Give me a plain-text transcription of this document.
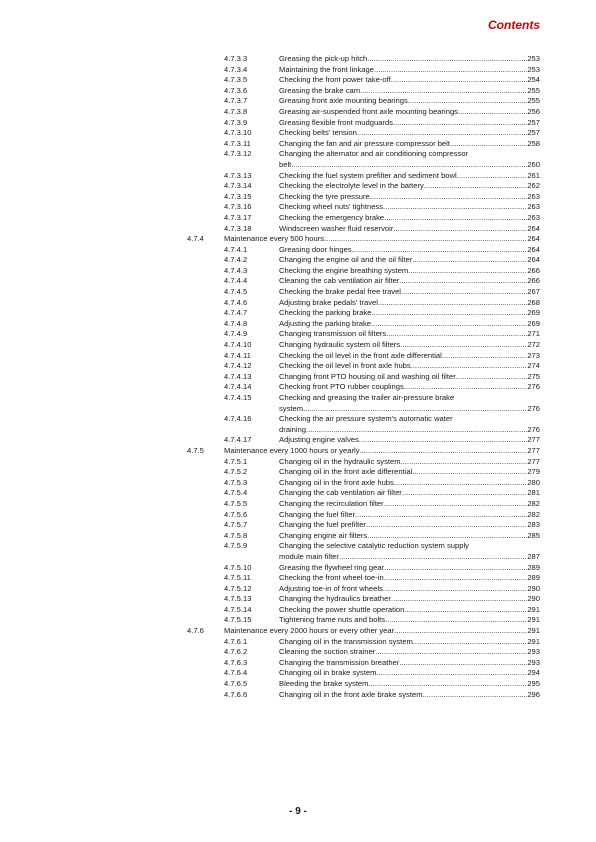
Contents
4.7.3.3	Greasing the pick-up hitch .....	253
4.7.3.4	Maintaining the front linkage .....	253
4.7.3.5	Checking the front power take-off .....	254
4.7.3.6	Greasing the brake cam .....	255
4.7.3.7	Greasing front axle mounting bearings .....	255
4.7.3.8	Greasing air-suspended front axle mounting bearings .....	256
4.7.3.9	Greasing flexible front mudguards .....	257
4.7.3.10	Checking belts' tension .....	257
4.7.3.11	Changing the fan and air pressure compressor belt .....	258
4.7.3.12	Changing the alternator and air conditioning compressor
belt .....	260
4.7.3.13	Checking the fuel system prefilter and sediment bowl .....	261
4.7.3.14	Checking the electrolyte level in the battery .....	262
4.7.3.15	Checking the tyre pressure .....	263
4.7.3.16	Checking wheel nuts' tightness .....	263
4.7.3.17	Checking the emergency brake .....	263
4.7.3.18	Windscreen washer fluid reservoir .....	264
4.7.4	Maintenance every 500 hours .....	264
4.7.4.1	Greasing door hinges .....	264
4.7.4.2	Changing the engine oil and the oil filter .....	264
4.7.4.3	Checking the engine breathing system .....	266
4.7.4.4	Cleaning the cab ventilation air filter .....	266
4.7.4.5	Checking the brake pedal free travel .....	267
4.7.4.6	Adjusting brake pedals' travel .....	268
4.7.4.7	Checking the parking brake .....	269
4.7.4.8	Adjusting the parking brake .....	269
4.7.4.9	Changing transmission oil filters .....	271
4.7.4.10	Changing hydraulic system oil filters .....	272
4.7.4.11	Checking the oil level in the front axle differential .....	273
4.7.4.12	Checking the oil level in front axle hubs .....	274
4.7.4.13	Changing front PTO housing oil and washing oil filter .....	275
4.7.4.14	Checking front PTO rubber couplings .....	276
4.7.4.15	Checking and greasing the trailer air-pressure brake
system .....	276
4.7.4.16	Checking the air pressure system's automatic water
draining .....	276
4.7.4.17	Adjusting engine valves .....	277
4.7.5	Maintenance every 1000 hours or yearly .....	277
4.7.5.1	Changing oil in the hydraulic system .....	277
4.7.5.2	Changing oil in the front axle differential .....	279
4.7.5.3	Changing oil in the front axle hubs .....	280
4.7.5.4	Changing the cab ventilation air filter .....	281
4.7.5.5	Changing the recirculation filter .....	282
4.7.5.6	Changing the fuel filter .....	282
4.7.5.7	Changing the fuel prefilter .....	283
4.7.5.8	Changing engine air filters .....	285
4.7.5.9	Changing the selective catalytic reduction system supply
module main filter .....	287
4.7.5.10	Greasing the flywheel ring gear .....	289
4.7.5.11	Checking the front wheel toe-in .....	289
4.7.5.12	Adjusting toe-in of front wheels .....	290
4.7.5.13	Changing the hydraulics breather .....	290
4.7.5.14	Checking the power shuttle operation .....	291
4.7.5.15	Tightening frame nuts and bolts .....	291
4.7.6	Maintenance every 2000 hours or every other year .....	291
4.7.6.1	Changing oil in the transmission system .....	291
4.7.6.2	Cleaning the suction strainer .....	293
4.7.6.3	Changing the transmission breather .....	293
4.7.6.4	Changing oil in brake system .....	294
4.7.6.5	Bleeding the brake system .....	295
4.7.6.6	Changing oil in the front axle brake system .....	296
- 9 -
